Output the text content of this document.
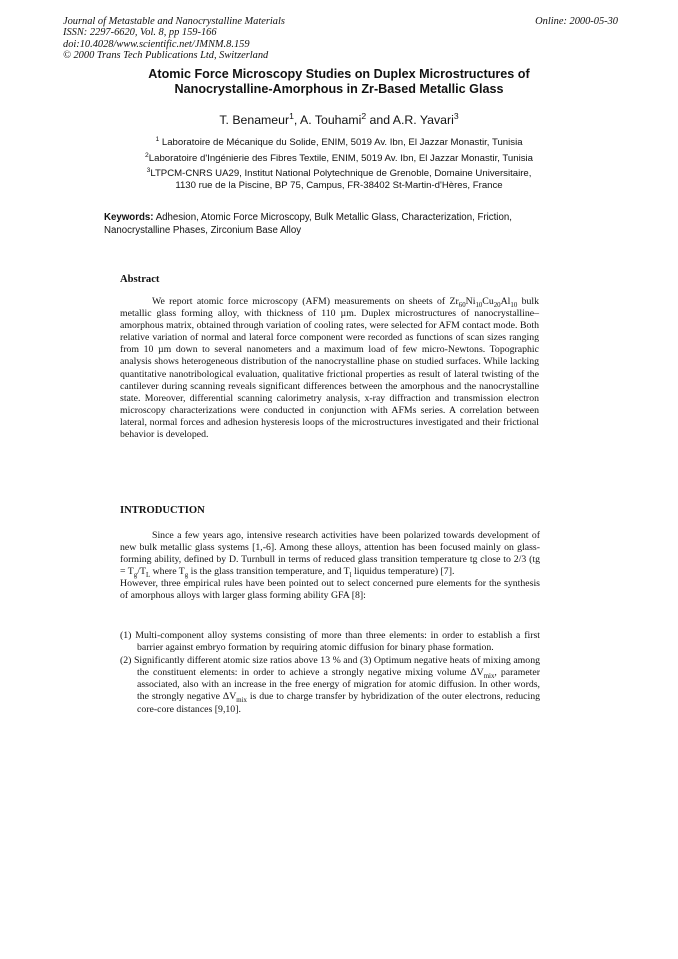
Journal of Metastable and Nanocrystalline Materials
ISSN: 2297-6620, Vol. 8, pp 159-166
doi:10.4028/www.scientific.net/JMNM.8.159
© 2000 Trans Tech Publications Ltd, Switzerland
Online: 2000-05-30
Atomic Force Microscopy Studies on Duplex Microstructures of
Nanocrystalline-Amorphous in Zr-Based Metallic Glass
T. Benameur$^1$, A. Touhami$^2$ and A.R. Yavari$^3$
$^1$ Laboratoire de Mécanique du Solide, ENIM, 5019 Av. Ibn, El Jazzar Monastir, Tunisia
$^2$Laboratoire d'Ingénierie des Fibres Textile, ENIM, 5019 Av. Ibn, El Jazzar Monastir, Tunisia
$^3$LTPCM-CNRS UA29, Institut National Polytechnique de Grenoble, Domaine Universitaire,
1130 rue de la Piscine, BP 75, Campus, FR-38402 St-Martin-d'Hères, France
Keywords: Adhesion, Atomic Force Microscopy, Bulk Metallic Glass, Characterization, Friction, Nanocrystalline Phases, Zirconium Base Alloy
Abstract
We report atomic force microscopy (AFM) measurements on sheets of $Zr_{60}Ni_{10}Cu_{20}Al_{10}$ bulk metallic glass forming alloy, with thickness of 110 µm. Duplex microstructures of nanocrystalline–amorphous matrix, obtained through variation of cooling rates, were selected for AFM contact mode. Both relative variation of normal and lateral force component were recorded as functions of scan sizes ranging from 10 µm down to several nanometers and a maximum load of few micro-Newtons. Topographic analysis shows heterogeneous distribution of the nanocrystalline phase on studied surfaces. While lacking quantitative nanotribological evaluation, qualitative frictional properties as result of lateral twisting of the cantilever during scanning reveals significant differences between the amorphous and the nanocrystalline state. Moreover, differential scanning calorimetry analysis, x-ray diffraction and transmission electron microscopy characterizations were conducted in conjunction with AFMs series. A correlation between lateral, normal forces and adhesion hysteresis loops of the microstructures investigated and their frictional behavior is developed.
INTRODUCTION

Since a few years ago, intensive research activities have been polarized towards development of new bulk metallic glass systems [1,-6]. Among these alloys, attention has been focused mainly on glass-forming ability, defined by D. Turnbull in terms of reduced glass transition temperature tg close to 2/3 ($tg = T_g/T_L$ where $T_g$ is the glass transition temperature, and $T_l$ liquidus temperature) [7].

However, three empirical rules have been pointed out to select concerned pure elements for the synthesis of amorphous alloys with larger glass forming ability GFA [8]:

(1) Multi-component alloy systems consisting of more than three elements: in order to establish a first barrier against embryo formation by requiring atomic diffusion for binary phase formation.

(2) Significantly different atomic size ratios above 13 % and (3) Optimum negative heats of mixing among the constituent elements: in order to achieve a strongly negative mixing volume $\Delta V_{mix}$, parameter associated, also with an increase in the free energy of migration for atomic diffusion. In other words, the strongly negative $\Delta V_{mix}$ is due to charge transfer by hybridization of the outer electrons, reducing core-core distances [9,10].
